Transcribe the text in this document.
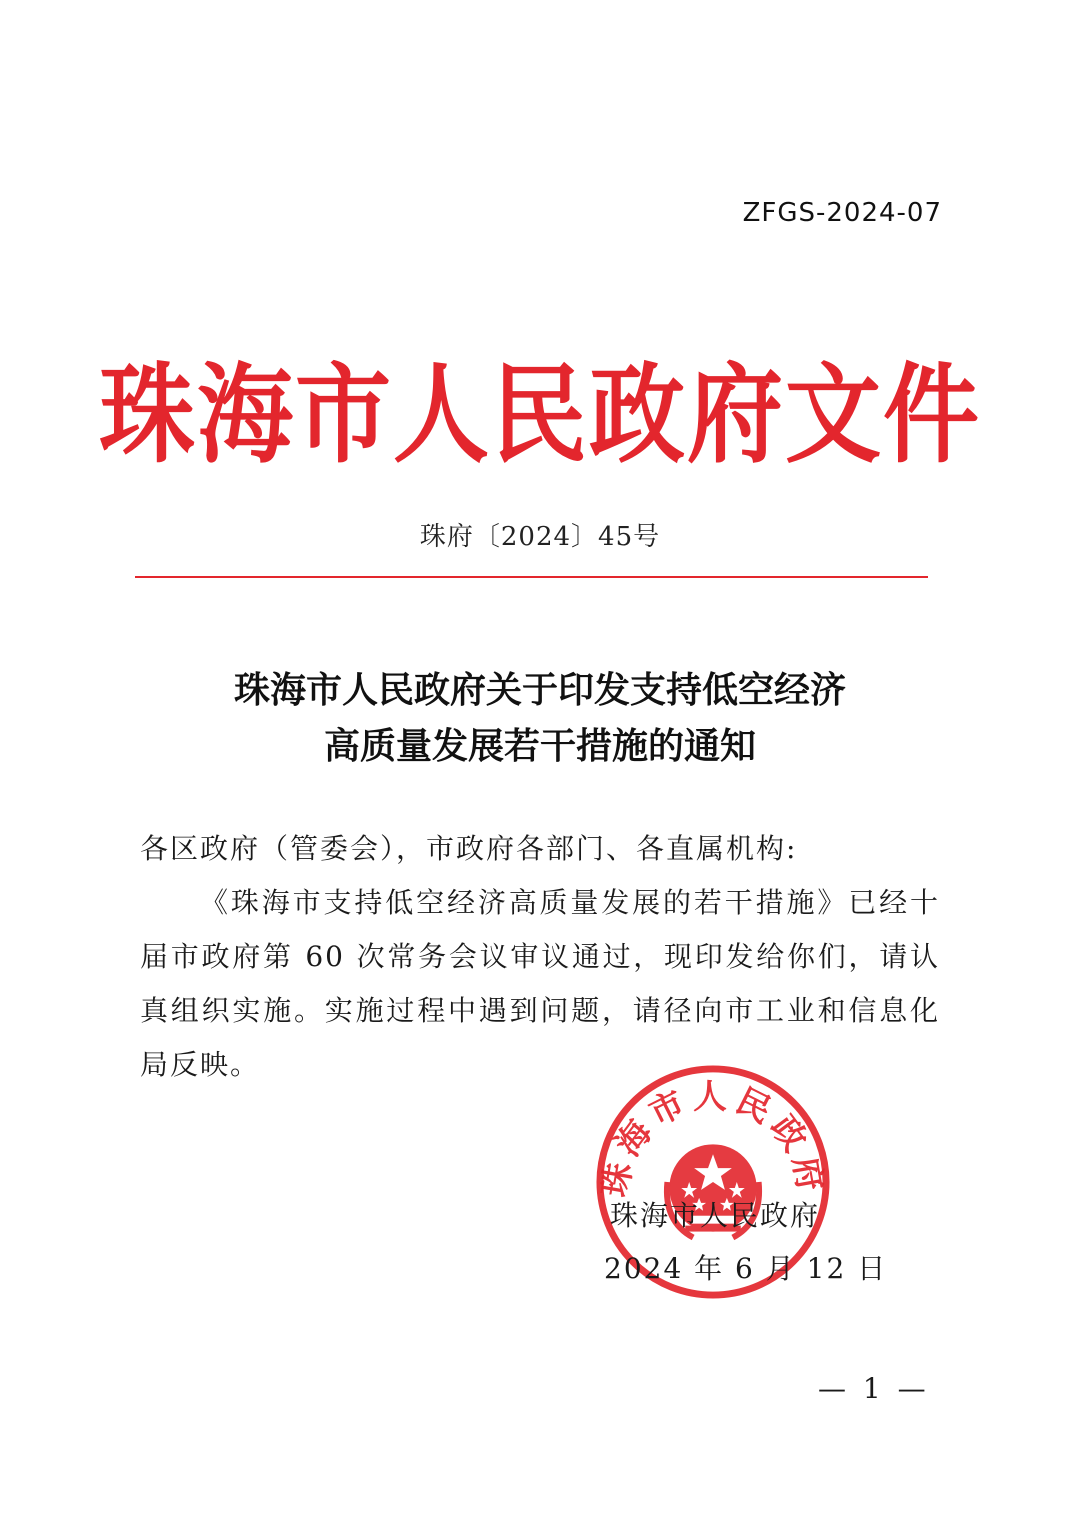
ZFGS-2024-07
珠海市人民政府文件
珠府〔2024〕45号
珠海市人民政府关于印发支持低空经济
高质量发展若干措施的通知

各区政府（管委会），市政府各部门、各直属机构:

《珠海市支持低空经济高质量发展的若干措施》已经十届市政府第 60 次常务会议审议通过，现印发给你们，请认真组织实施。实施过程中遇到问题，请径向市工业和信息化局反映。

珠海市人民政府
珠海市人民政府
2024 年 6 月 12 日
— 1 —
